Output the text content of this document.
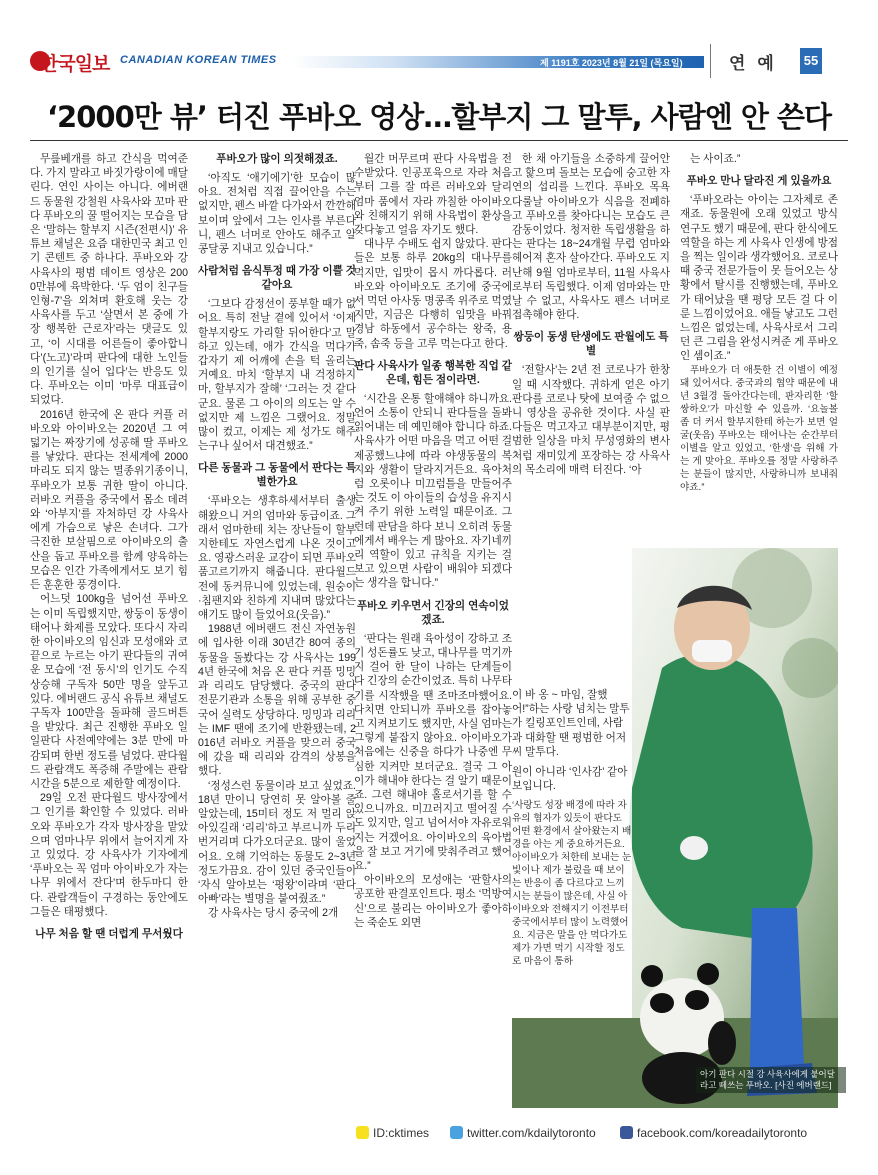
한국일보 CANADIAN KOREAN TIMES	제 1191호 2023년 8월 21일 (목요일)	연 예 55
‘2000만 뷰’ 터진 푸바오 영상…할부지 그 말투, 사람엔 안 쓴다

무릎베개를 하고 간식을 먹여준다. 가지 말라고 바짓가랑이에 매달린다. 연인 사이는 아니다. 에버랜드 동물원 강철원 사육사와 꼬마 판다 푸바오의 꿀 떨어지는 모습을 담은 ‘말하는 할부지 시즌(전편시)’ 유튜브 채널은 요즘 대한민국 최고 인기 콘텐트 중 하나다. 푸바오와 강 사육사의 평범 데이트 영상은 2000만뷰에 육박한다. ‘두 엄이 친구들 인형-7’을 외쳐며 환호해 웃는 강 사육사를 두고 ‘살면서 본 중에 가장 행복한 근로자’라는 댓글도 있고, ‘이 시대를 어른들이 좋아합니다’(노고)’라며 판다에 대한 노인들의 인기를 실어 입다’는 반응도 있다. 푸바오는 이미 ‘마루 대표급이 되었다.

2016년 한국에 온 판다 커플 러바오와 아이바오는 2020년 그 여덟기는 짜장기에 성공해 딸 푸바오를 낳았다. 판다는 전세계에 2000마리도 되지 않는 멸종위기종이니, 푸바오가 보통 귀한 딸이 아니다. 러바오 커플을 중국에서 몸소 데려와 ‘아부지’를 자처하던 강 사육사에게 가슴으로 낳은 손녀다. 그가 극진한 보살핌으로 아이바오의 출산을 돕고 푸바오를 함께 양육하는 모습은 인간 가족에게서도 보기 힘든 훈훈한 풍경이다.

어느덧 100kg을 넘어선 푸바오는 이미 독립했지만, 쌍둥이 동생이 태어나 화제를 모았다. 또다시 자리한 아이바오의 임신과 모성애와 코끝으로 누르는 아기 판다들의 귀여운 모습에 ‘전 동시’의 인기도 수직상승해 구독자 50만 명을 앞두고 있다. 에버랜드 공식 유튜브 채널도 구독자 100만을 돌파해 골드버튼을 받았다. 최근 진행한 푸바오 일일판다 사전예약에는 3분 만에 마감되며 한번 정도를 넘었다. 판다월드 관람객도 폭증해 주말에는 관람시간을 5분으로 제한할 예정이다.

29일 오전 판다월드 방사장에서 그 인기를 확인할 수 있었다. 러바오와 푸바오가 각자 방사장을 맡았으며 엄마나무 위에서 늘어지게 자고 있었다. 강 사육사가 기자에게 ‘푸바오는 꼭 엄마 아이바오가 자는 나무 위에서 잔다’며 한두마디 한다. 관람객들이 구경하는 동안에도 그들은 태평했다.

나무 처음 할 땐 더럽게 무서웠다
푸바오가 많이 의젓해졌죠.

‘아직도 ‘애기에기’한 모습이 많아요. 전처럼 직접 끌어안을 수는 없지만, 펜스 바깥 다가와서 깐깐해보이며 앞에서 그는 인사를 부른다니, 펜스 너머로 안아도 해주고 알콩달콩 지내고 있습니다.”

사람처럼 음식투정 때 가장 이쁠 것 같아요

‘그보다 감정선이 풍부할 때가 없어요. 특히 전날 곁에 있어서 ‘이제 할부지랑도 가리할 뒤어한다’고 말하고 있는데, 애가 간식을 먹다가 갑자기 제 어깨에 손을 턱 올리는 거예요. 마치 ‘할부지 내 걱정하지마, 할부지가 잘해’ ‘그러는 것 같다군요. 물론 그 아이의 의도는 알 수 없지만 제 느낌은 그랬어요. 정말 많이 컸고, 이제는 제 성가도 해주는구나 싶어서 대견했죠.”

다른 동물과 그 동물에서 판다는 특별한가요

‘푸바오는 생후하세서부터 출생해왔으니 거의 엄마와 동급이죠. 그래서 엄마한테 치는 장난들이 할부지한테도 자연스럽게 나온 것이고요. 영광스러운 교감이 되면 푸바오 품고르기까지 해줍니다. 판다월드 전에 동커뮤니에 있었는데, 원숭이·침팬지와 친하게 지내며 많았다는 얘기도 많이 들었어요(웃음).”

1988년 에버랜드 전신 자연농원에 입사한 이래 30년간 80여 종의 동물을 돌봤다는 강 사육사는 1994년 한국에 처음 온 판다 커플 밍밍과 리리도 담당했다. 중국의 판다 전문기관과 소통을 위해 공부한 중국어 실력도 상당하다. 밍밍과 리리는 IMF 땐에 조기에 반환됐는데, 2016년 러바오 커플을 맞으러 중국에 갔을 때 리리와 감격의 상봉을 했다.

‘정성스런 동물이라 보고 싶었죠. 18년 만이니 당연히 못 알아볼 줄 알았는데, 15미터 정도 저 멀리 앉아있길래 ‘리리’하고 부르니까 두리번거리며 다가오더군요. 많이 울었어요. 오해 기억하는 동물도 2~3년 정도가끔요. 감이 있던 중국인들이 ‘자식 알아보는 ‘펑왕’이라며 ‘판다아빠’라는 별명을 붙여줬죠.”

강 사육사는 당시 중국에 2개

월간 머무르며 판다 사육법을 전수받았다. 인공포육으로 자라 처음부터 그를 잘 따른 러바오와 달리 엄마 품에서 자라 까칠한 아이바오와 친해지기 위해 사육법이 환상을 갖다놓고 얼음 자기도 했다.

대나무 수배도 쉽지 않았다. 판다들은 보통 하루 20kg의 대나무를 먹지만, 입맛이 몹시 까다롭다. 러바오와 아이바오도 조기에 중국에서 먹던 아사동 명콩족 위주로 먹였지만, 지금은 다행히 입맛을 바꿔 경남 하동에서 공수하는 왕죽, 용죽, 솜죽 등을 고루 먹는다고 한다.

판다 사육사가 일종 행복한 직업 같은데, 힘든 점이라면.

‘시간을 온통 할애해야 하니까요. 언어 소통이 안되니 판다들을 돌봐 읽어내는 데 예민해야 합니다 하죠. 사육사가 어떤 마음을 먹고 어떤 걸 제공했느냐에 따라 야생동물의 복지와 생활이 달라지거든요. 육아처럼 오롯이나 미끄럼틀을 만들어주는 것도 이 아이들의 습성을 유지시켜 주기 위한 노력일 때문이죠. 그런데 판담을 하다 보니 오히려 동물에게서 배우는 게 많아요. 자기네끼리 역할이 있고 규칙을 지키는 걸 보고 있으면 사람이 배워야 되겠다는 생각을 합니다.”

푸바오 키우면서 긴장의 연속이었겠죠.

‘판다는 원래 육아성이 강하고 조기 성돈률도 낮고, 대나무를 먹기까지 걸어 한 달이 나하는 단계들이 다 긴장의 순간이었죠. 특히 나무타기를 시작했을 땐 조마조마했어요. 다치면 안되니까 푸바오를 잡아놓고 지켜보기도 했지만, 사실 엄마는 그렇게 붙잡지 않아요. 아이바오가 처음에는 신중을 하다가 나중엔 무심한 지켜만 보더군요. 결국 그 아이가 해내야 한다는 걸 알기 때문이죠. 그런 해내야 홀로서기를 할 수 있으니까요. 미끄러지고 떨어질 수도 있지만, 일고 넘어서야 자유로워지는 거겠어요. 아이바오의 육아법을 잘 보고 거기에 맞춰주려고 했어요.”

아이바오의 모성애는 ‘판할사의 공포한 판결포인트다. 평소 ‘먹방여신’으로 불리는 아이바오가 좋아하는 죽순도 외면

한 채 아기들을 소중하게 끌어안고 핥으며 돌보는 모습에 숭고한 자연의 섭리를 느낀다. 푸바오 목욕 다룰날 아이바오가 식음을 전폐하고 푸바오를 찾아다니는 모습도 큰 감동이었다. 청저한 독립생활을 하는 판다는 18~24개월 무렵 엄마와 헤어져 혼자 살아간다. 푸바오도 지난해 9월 엄마로부터, 11월 사육사로부터 독립했다. 이제 엄마와는 만날 수 없고, 사육사도 펜스 너머로 접촉해야 한다.

쌍둥이 동생 탄생에도 판월에도 특별

‘전할사’는 2년 전 코로나가 한창일 때 시작했다. 귀하게 얻은 아기 판다를 코로나 탓에 보여줄 수 없으니 영상을 공유한 것이다. 사실 판다들은 먹고자고 대부분이지만, 평범한 일상을 마치 무성영화의 변사처럼 재미있게 포장하는 강 사육사의 목소리에 매력 터진다. ‘아

는 사이죠.”

푸바오 만나 달라진 게 있을까요

‘푸바오라는 아이는 그자체로 존재죠. 동물원에 오래 있었고 방식 연구도 했기 때문에, 판다 한식에도 역할을 하는 게 사육사 인생에 방점을 찍는 일이라 생각했어요. 코로나 때 중국 전문가들이 못 들어오는 상황에서 탈시를 진행했는데, 푸바오가 태어났을 땐 평당 모든 걸 다 이룬 느낌이었어요. 애들 낳고도 그런 느낌은 없었는데, 사육사로서 그리던 큰 그림을 완성시켜준 게 푸바오인 셈이죠.”

푸바오가 더 애틋한 건 이별이 예정돼 있어서다. 중국과의 협약 때문에 내년 3월경 돌아간다는데, 판자리한 ‘할쌍하오’가 마신할 수 있을까. ‘요놀볼 좀 더 커서 할부지한테 하는가 보면 얼굴(웃음) 푸바오는 태어나는 순간부터 이별을 알고 있었고, ‘한생’을 위해 가는 게 맞아요. 푸바오를 정말 사랑하주는 분들이 많지만, 사랑하니까 보내줘야죠.”

이 바 옹 ~ 마임, 잘했어!”하는 사랑 넘치는 말투가 킬링포인트인데, 사람과 대화할 땐 평범한 어저씨 말투다.

원이 아니라 ‘인사감’ 같아 보입니다.

‘사랑도 성장 배경에 따라 자유의 협자가 있듯이 판다도 어떤 환경에서 살아왔는지 배경을 아는 게 중요하거든요. 아이바오가 처한테 보내는 눈빛이나 제가 불렀을 때 보이는 반응이 좀 다르다고 느끼시는 분들이 많은데, 사실 아이바오와 전해지기 이전부터 중국에서부터 많이 노력했어요. 지금은 말을 안 먹다가도 제가 가면 먹기 시작할 정도로 마음이 통하

아기 판다 시절 강 사육사에게 붙어달라고 떼쓰는 푸바오. [사진 에버랜드]
ID:cktimes	twitter.com/kdailytoronto	facebook.com/koreadailytoronto
